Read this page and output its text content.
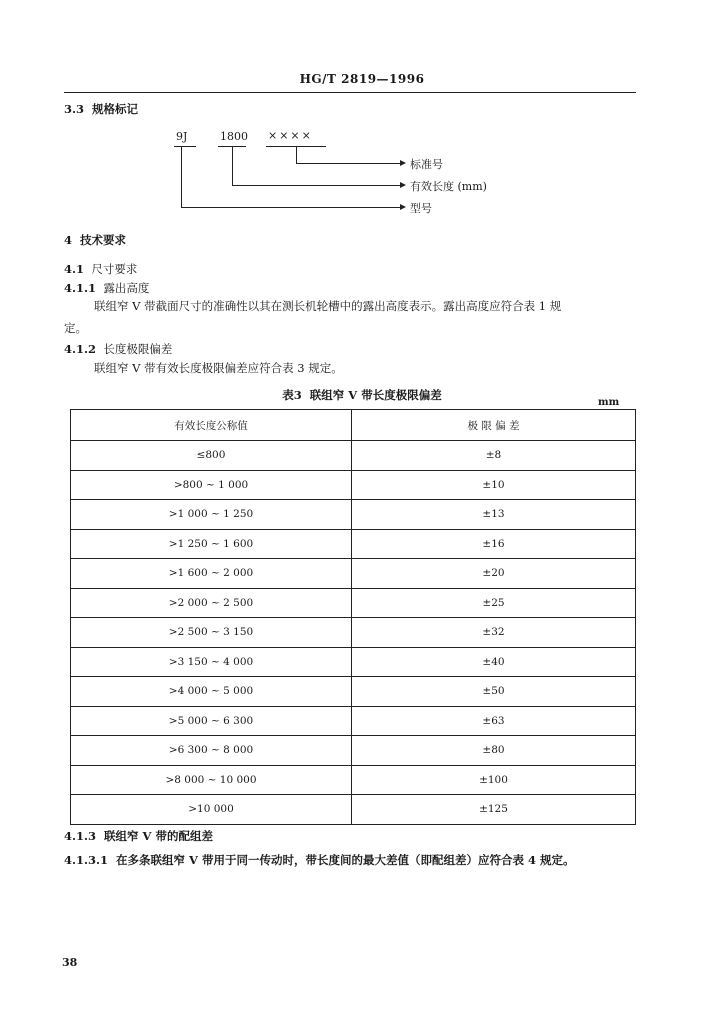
HG/T 2819—1996
3.3 规格标记
9J	1800 ××××
标准号
有效长度 (mm)
型号
4 技术要求
4.1 尺寸要求
4.1.1 露出高度
联组窄 V 带截面尺寸的准确性以其在测长机轮槽中的露出高度表示。露出高度应符合表 1 规
定。
4.1.2 长度极限偏差
联组窄 V 带有效长度极限偏差应符合表 3 规定。
表3  联组窄 V 带长度极限偏差
mm
有效长度公称值	极 限 偏 差
≤800	±8
>800 ~ 1 000	±10
>1 000 ~ 1 250	±13
>1 250 ~ 1 600	±16
>1 600 ~ 2 000	±20
>2 000 ~ 2 500	±25
>2 500 ~ 3 150	±32
>3 150 ~ 4 000	±40
>4 000 ~ 5 000	±50
>5 000 ~ 6 300	±63
>6 300 ~ 8 000	±80
>8 000 ~ 10 000	±100
>10 000	±125
4.1.3 联组窄 V 带的配组差
4.1.3.1 在多条联组窄 V 带用于同一传动时，带长度间的最大差值（即配组差）应符合表 4 规定。
38
